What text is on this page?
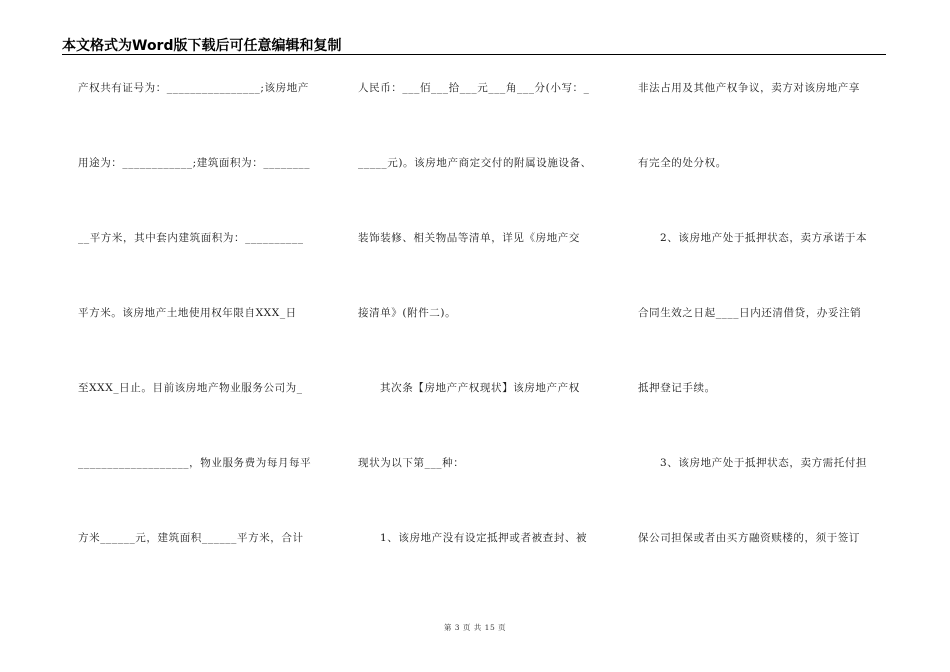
本文格式为Word版下载后可任意编辑和复制
产权共有证号为：________________;该房地产
用途为：____________;建筑面积为：________
__平方米，其中套内建筑面积为：__________
平方米。该房地产土地使用权年限自XXX_日
至XXX_日止。目前该房地产物业服务公司为_
___________________，物业服务费为每月每平
方米______元，建筑面积______平方米，合计
人民币：___佰___拾___元___角___分(小写：_
_____元)。该房地产商定交付的附属设施设备、
装饰装修、相关物品等清单，详见《房地产交
接清单》(附件二)。
其次条【房地产产权现状】该房地产产权
现状为以下第___种：
1、该房地产没有设定抵押或者被查封、被
非法占用及其他产权争议，卖方对该房地产享
有完全的处分权。
2、该房地产处于抵押状态，卖方承诺于本
合同生效之日起____日内还清借贷，办妥注销
抵押登记手续。
3、该房地产处于抵押状态，卖方需托付担
保公司担保或者由买方融资赎楼的，须于签订
第 3 页 共 15 页
